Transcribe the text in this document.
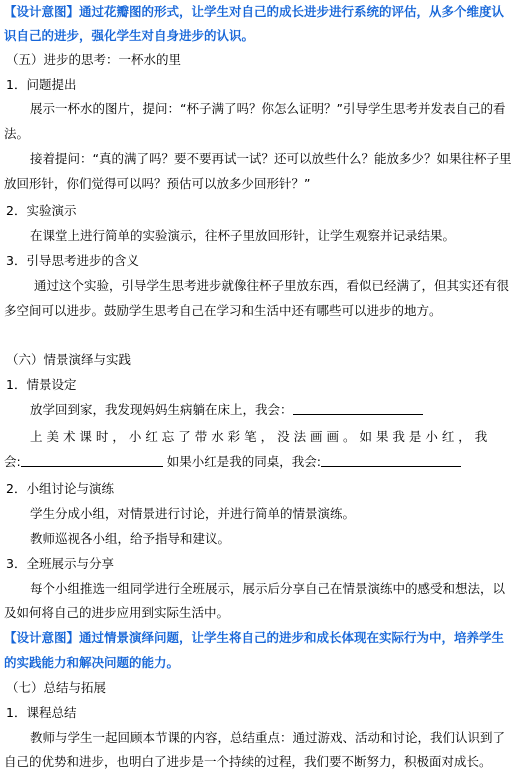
【设计意图】通过花瓣图的形式，让学生对自己的成长进步进行系统的评估，从多个维度认
识自己的进步，强化学生对自身进步的认识。
（五）进步的思考：一杯水的里
1．问题提出
展示一杯水的图片，提问：“杯子满了吗？你怎么证明？”引导学生思考并发表自己的看
法。
接着提问：“真的满了吗？要不要再试一试？还可以放些什么？能放多少？如果往杯子里
放回形针，你们觉得可以吗？预估可以放多少回形针？”
2．实验演示
在课堂上进行简单的实验演示，往杯子里放回形针，让学生观察并记录结果。
3．引导思考进步的含义
通过这个实验，引导学生思考进步就像往杯子里放东西，看似已经满了，但其实还有很
多空间可以进步。鼓励学生思考自己在学习和生活中还有哪些可以进步的地方。
（六）情景演绎与实践
1．情景设定
放学回到家，我发现妈妈生病躺在床上，我会：
上 美 术 课 时 ， 小 红 忘 了 带 水 彩 笔 ， 没 法 画 画 。 如 果 我 是 小 红 ， 我
会:	如果小红是我的同桌，我会:
2．小组讨论与演练
学生分成小组，对情景进行讨论，并进行简单的情景演练。
教师巡视各小组，给予指导和建议。
3．全班展示与分享
每个小组推选一组同学进行全班展示，展示后分享自己在情景演练中的感受和想法，以
及如何将自己的进步应用到实际生活中。
【设计意图】通过情景演绎问题，让学生将自己的进步和成长体现在实际行为中，培养学生
的实践能力和解决问题的能力。
（七）总结与拓展
1．课程总结
教师与学生一起回顾本节课的内容，总结重点：通过游戏、活动和讨论，我们认识到了
自己的优势和进步，也明白了进步是一个持续的过程，我们要不断努力，积极面对成长。
